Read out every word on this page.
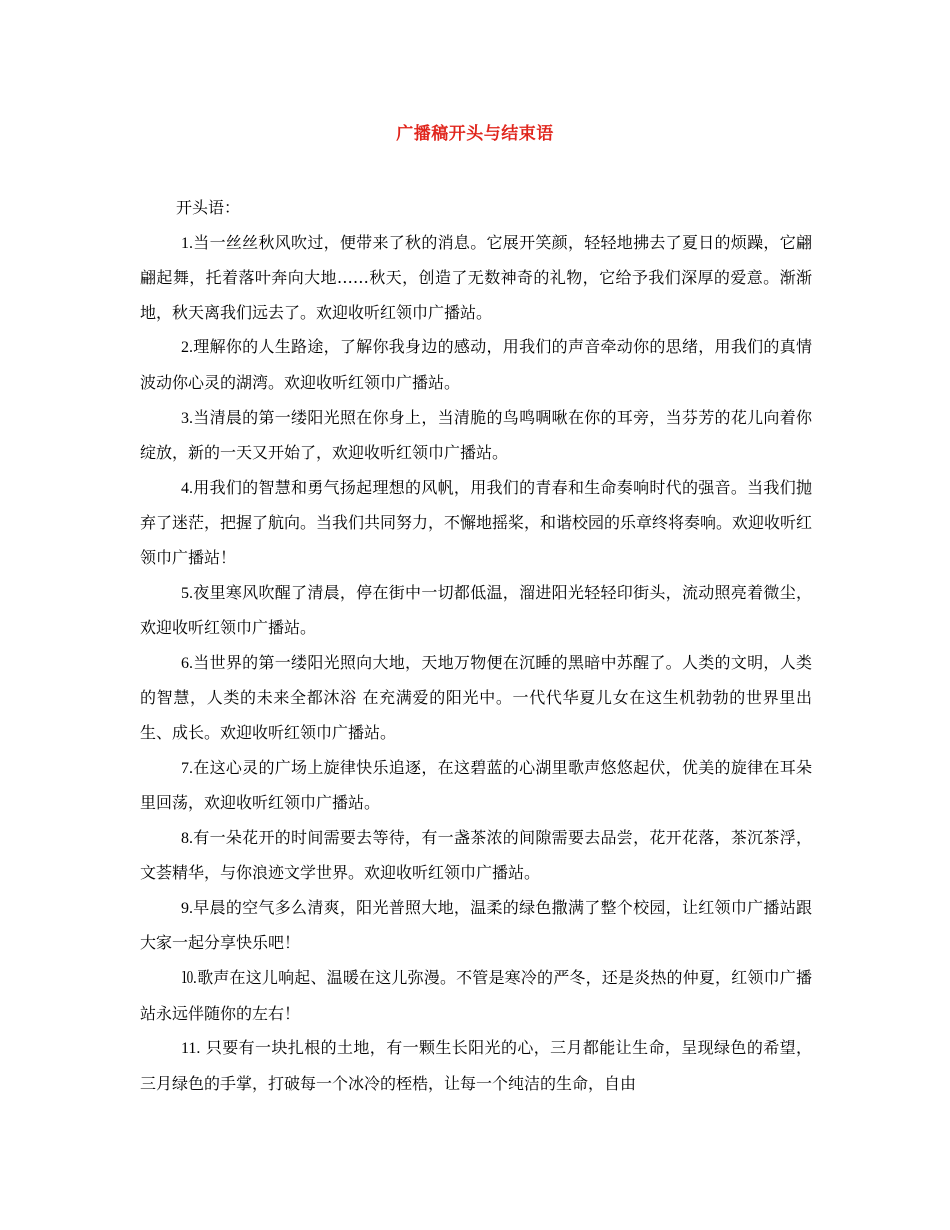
广播稿开头与结束语

开头语：

1.当一丝丝秋风吹过，便带来了秋的消息。它展开笑颜，轻轻地拂去了夏日的烦躁，它翩翩起舞，托着落叶奔向大地……秋天，创造了无数神奇的礼物，它给予我们深厚的爱意。渐渐地，秋天离我们远去了。欢迎收听红领巾广播站。

2.理解你的人生路途，了解你我身边的感动，用我们的声音牵动你的思绪，用我们的真情波动你心灵的湖湾。欢迎收听红领巾广播站。

3.当清晨的第一缕阳光照在你身上，当清脆的鸟鸣啁啾在你的耳旁，当芬芳的花儿向着你绽放，新的一天又开始了，欢迎收听红领巾广播站。

4.用我们的智慧和勇气扬起理想的风帆，用我们的青春和生命奏响时代的强音。当我们抛弃了迷茫，把握了航向。当我们共同努力，不懈地摇桨，和谐校园的乐章终将奏响。欢迎收听红领巾广播站！

5.夜里寒风吹醒了清晨，停在街中一切都低温，溜进阳光轻轻印街头，流动照亮着微尘，欢迎收听红领巾广播站。

6.当世界的第一缕阳光照向大地，天地万物便在沉睡的黑暗中苏醒了。人类的文明，人类的智慧，人类的未来全都沐浴 在充满爱的阳光中。一代代华夏儿女在这生机勃勃的世界里出生、成长。欢迎收听红领巾广播站。

7.在这心灵的广场上旋律快乐追逐，在这碧蓝的心湖里歌声悠悠起伏，优美的旋律在耳朵里回荡，欢迎收听红领巾广播站。

8.有一朵花开的时间需要去等待，有一盏茶浓的间隙需要去品尝，花开花落，茶沉茶浮，文荟精华，与你浪迹文学世界。欢迎收听红领巾广播站。

9.早晨的空气多么清爽，阳光普照大地，温柔的绿色撒满了整个校园，让红领巾广播站跟大家一起分享快乐吧！

⒑歌声在这儿响起、温暖在这儿弥漫。不管是寒冷的严冬，还是炎热的仲夏，红领巾广播站永远伴随你的左右！

11. 只要有一块扎根的土地，有一颗生长阳光的心，三月都能让生命，呈现绿色的希望，三月绿色的手掌，打破每一个冰冷的桎梏，让每一个纯洁的生命，自由
